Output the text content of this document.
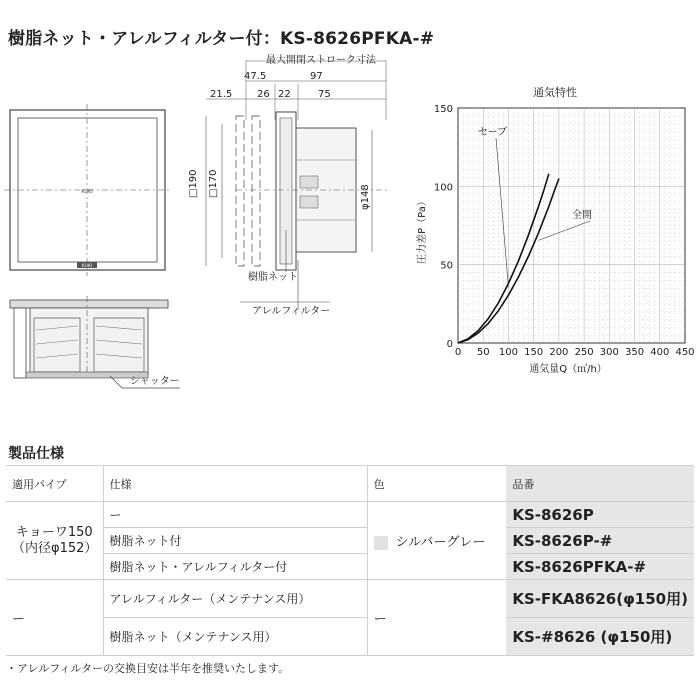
樹脂ネット・アレルフィルター付：KS-8626PFKA-#
KUKI
KUKI
シャッター
最大開閉ストローク寸法
47.5	97
21.5 26 22	75
□190 □170	φ148
樹脂ネット
アレルフィルター
通気特性
圧力差P（Pa）
通気量Q（㎥/h）
0 50 100 150 200 250 300 350 400 450
0
50
100
150
セーブ
全開
製品仕様
適用パイプ	仕様	色	品番

キョーワ150
（内径φ152）	ー	シルバーグレー	KS-8626P
	樹脂ネット付		KS-8626P-#
	樹脂ネット・アレルフィルター付		KS-8626PFKA-#
ー	アレルフィルター（メンテナンス用）	ー	KS-FKA8626(φ150用)
	樹脂ネット（メンテナンス用）		KS-#8626 (φ150用)
・アレルフィルターの交換目安は半年を推奨いたします。
